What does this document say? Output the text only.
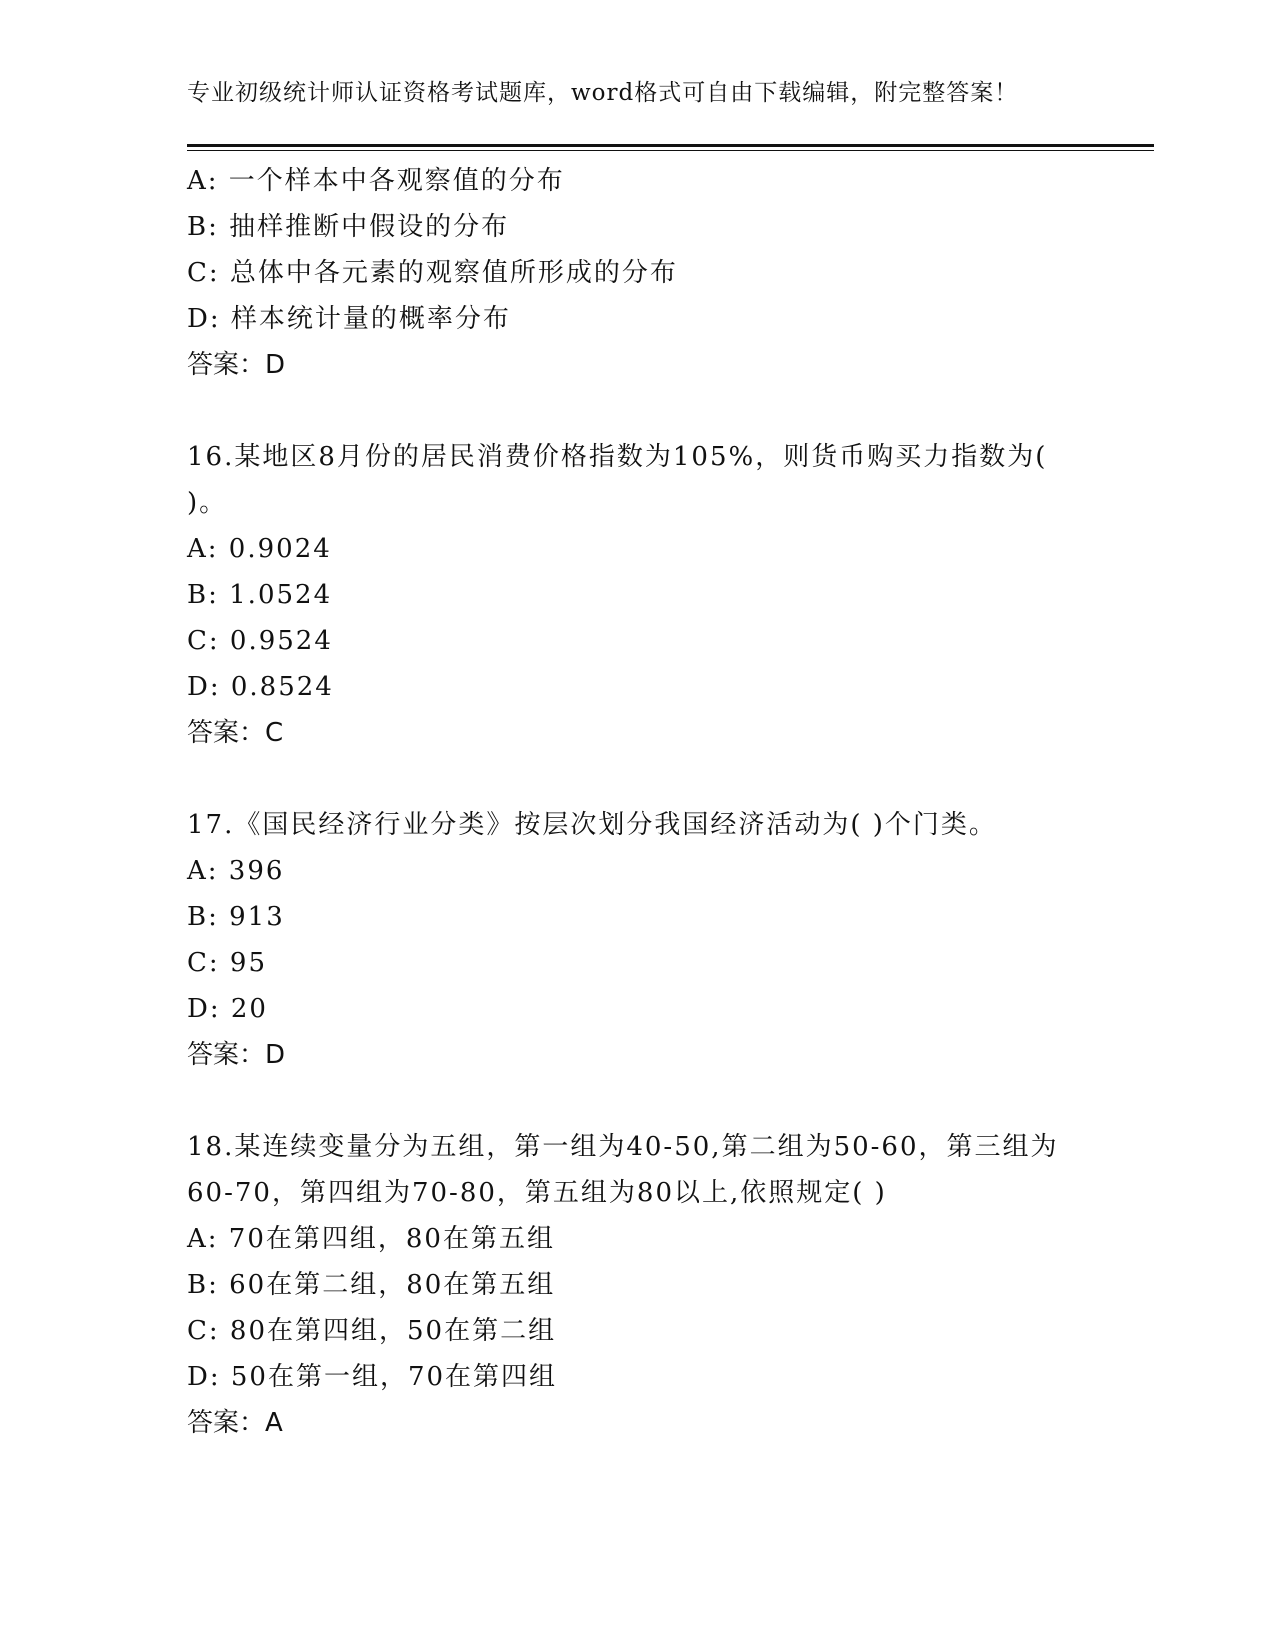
专业初级统计师认证资格考试题库，word格式可自由下载编辑，附完整答案！
A: 一个样本中各观察值的分布
B: 抽样推断中假设的分布
C: 总体中各元素的观察值所形成的分布
D: 样本统计量的概率分布
答案：D
16.某地区8月份的居民消费价格指数为105%，则货币购买力指数为(
)。
A: 0.9024
B: 1.0524
C: 0.9524
D: 0.8524
答案：C
17.《国民经济行业分类》按层次划分我国经济活动为( )个门类。
A: 396
B: 913
C: 95
D: 20
答案：D
18.某连续变量分为五组，第一组为40-50,第二组为50-60，第三组为
60-70，第四组为70-80，第五组为80以上,依照规定( )
A: 70在第四组，80在第五组
B: 60在第二组，80在第五组
C: 80在第四组，50在第二组
D: 50在第一组，70在第四组
答案：A
